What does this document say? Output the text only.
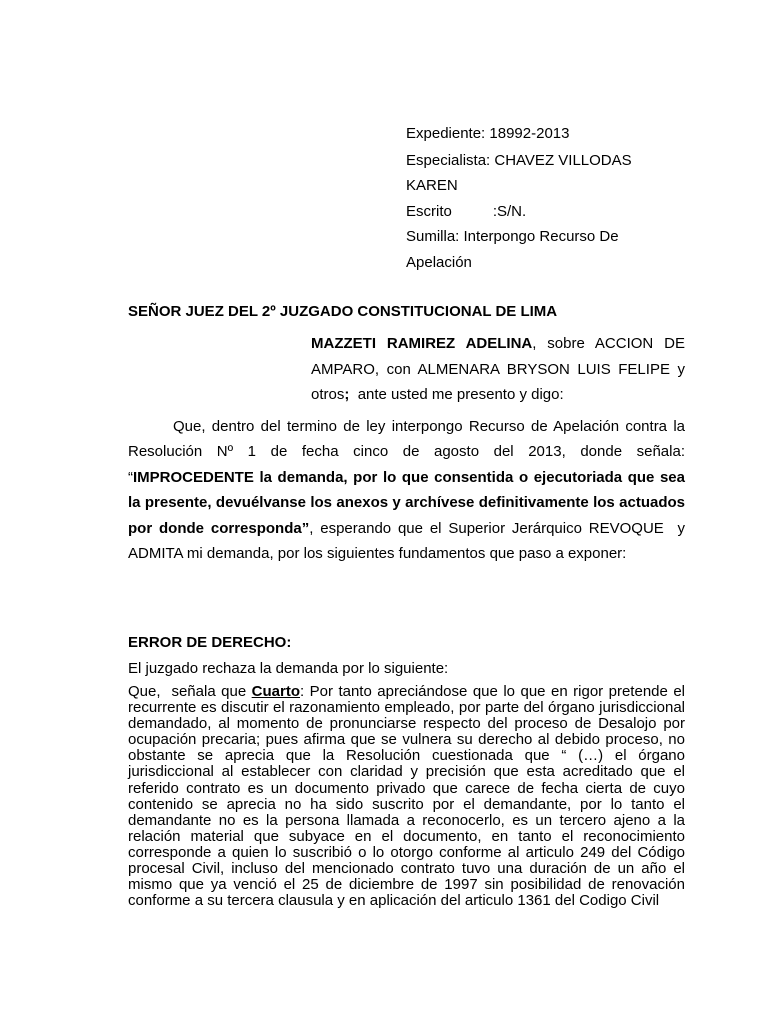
Expediente: 18992-2013
Especialista: CHAVEZ VILLODAS
KAREN
Escrito	:S/N.
Sumilla: Interpongo Recurso De
Apelación
SEÑOR JUEZ DEL 2º JUZGADO CONSTITUCIONAL DE LIMA
MAZZETI RAMIREZ ADELINA, sobre ACCION DE AMPARO, con ALMENARA BRYSON LUIS FELIPE y otros;  ante usted me presento y digo:
Que, dentro del termino de ley interpongo Recurso de Apelación contra la Resolución Nº 1 de fecha cinco de agosto del 2013, donde señala: “IMPROCEDENTE la demanda, por lo que consentida o ejecutoriada que sea la presente, devuélvanse los anexos y archívese definitivamente los actuados por donde corresponda”, esperando que el Superior Jerárquico REVOQUE  y ADMITA mi demanda, por los siguientes fundamentos que paso a exponer:
ERROR DE DERECHO:
El juzgado rechaza la demanda por lo siguiente:
Que,  señala que Cuarto: Por tanto apreciándose que lo que en rigor pretende el recurrente es discutir el razonamiento empleado, por parte del órgano jurisdiccional demandado, al momento de pronunciarse respecto del proceso de Desalojo por ocupación precaria; pues afirma que se vulnera su derecho al debido proceso, no obstante se aprecia que la Resolución cuestionada que “ (…) el órgano jurisdiccional al establecer con claridad y precisión que esta acreditado que el referido contrato es un documento privado que carece de fecha cierta de cuyo contenido se aprecia no ha sido suscrito por el demandante, por lo tanto el demandante no es la persona llamada a reconocerlo, es un tercero ajeno a la relación material que subyace en el documento, en tanto el reconocimiento corresponde a quien lo suscribió o lo otorgo conforme al articulo 249 del Código procesal Civil, incluso del mencionado contrato tuvo una duración de un año el mismo que ya venció el 25 de diciembre de 1997 sin posibilidad de renovación conforme a su tercera clausula y en aplicación del articulo 1361 del Codigo Civil
